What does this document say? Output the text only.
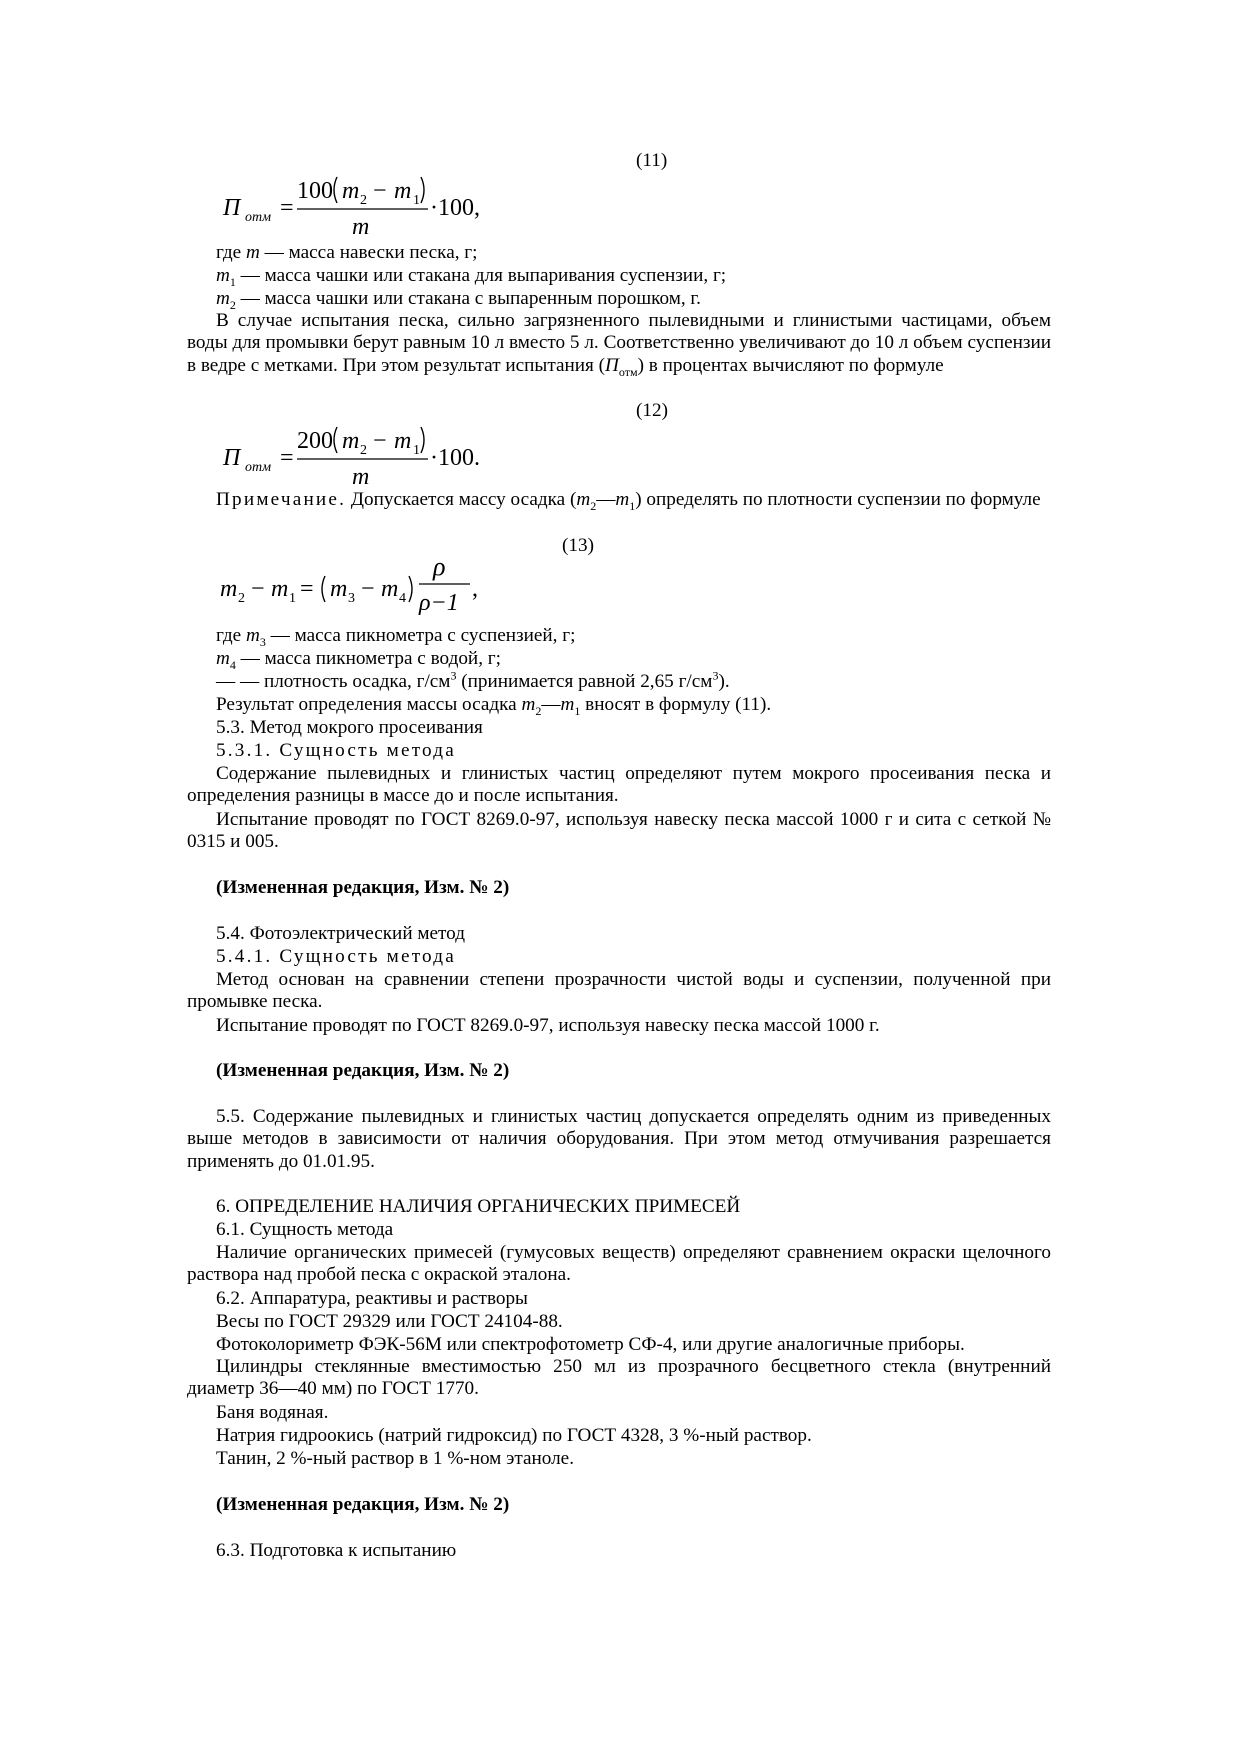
(11)
П отм =
100 m 2 − m 1
m
·100,
где m — масса навески песка, г;
$m_1$ — масса чашки или стакана для выпаривания суспензии, г;
$m_2$ — масса чашки или стакана с выпаренным порошком, г.
В случае испытания песка, сильно загрязненного пылевидными и глинистыми частицами, объем воды для промывки берут равным 10 л вместо 5 л. Соответственно увеличивают до 10 л объем суспензии в ведре с метками. При этом результат испытания $(П_{отм})$ в процентах вычисляют по формуле
(12)
П отм =
200 m 2 − m 1
m
·100.
Примечание. Допускается массу осадка $(m_2—m_1)$ определять по плотности суспензии по формуле
(13)
m 2 − m 1 = m 3 − m 4
ρ
ρ−1
,
где $m_3$ — масса пикнометра с суспензией, г;
$m_4$ — масса пикнометра с водой, г;
— — плотность осадка, $г/см^3$ (принимается равной 2,65 $г/см^3$).
Результат определения массы осадка $m_2—m_1$ вносят в формулу (11).
5.3. Метод мокрого просеивания
5.3.1. Сущность метода
Содержание пылевидных и глинистых частиц определяют путем мокрого просеивания песка и определения разницы в массе до и после испытания.
Испытание проводят по ГОСТ 8269.0-97, используя навеску песка массой 1000 г и сита с сеткой № 0315 и 005.
(Измененная редакция, Изм. № 2)
5.4. Фотоэлектрический метод
5.4.1. Сущность метода
Метод основан на сравнении степени прозрачности чистой воды и суспензии, полученной при промывке песка.
Испытание проводят по ГОСТ 8269.0-97, используя навеску песка массой 1000 г.
(Измененная редакция, Изм. № 2)
5.5. Содержание пылевидных и глинистых частиц допускается определять одним из приведенных выше методов в зависимости от наличия оборудования. При этом метод отмучивания разрешается применять до 01.01.95.
6. ОПРЕДЕЛЕНИЕ НАЛИЧИЯ ОРГАНИЧЕСКИХ ПРИМЕСЕЙ
6.1. Сущность метода
Наличие органических примесей (гумусовых веществ) определяют сравнением окраски щелочного раствора над пробой песка с окраской эталона.
6.2. Аппаратура, реактивы и растворы
Весы по ГОСТ 29329 или ГОСТ 24104-88.
Фотоколориметр ФЭК-56М или спектрофотометр СФ-4, или другие аналогичные приборы.
Цилиндры стеклянные вместимостью 250 мл из прозрачного бесцветного стекла (внутренний диаметр 36—40 мм) по ГОСТ 1770.
Баня водяная.
Натрия гидроокись (натрий гидроксид) по ГОСТ 4328, 3 %-ный раствор.
Танин, 2 %-ный раствор в 1 %-ном этаноле.
(Измененная редакция, Изм. № 2)
6.3. Подготовка к испытанию
